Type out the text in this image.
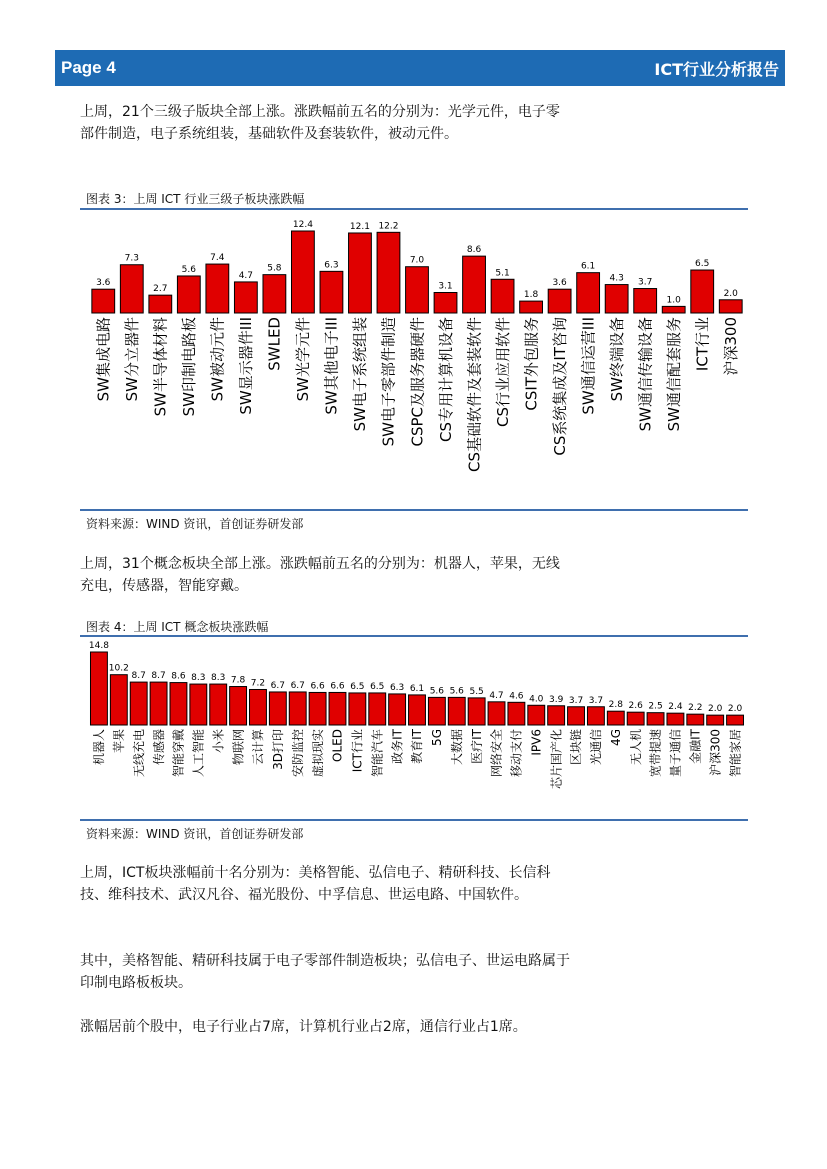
Page 4	ICT行业分析报告

上周，21个三级子版块全部上涨。涨跌幅前五名的分别为：光学元件，电子零部件制造，电子系统组装，基础软件及套装软件，被动元件。

图表 3：上周 ICT 行业三级子板块涨跌幅
3.6
SW集成电路
7.3
SW分立器件
2.7
SW半导体材料
5.6
SW印制电路板
7.4
SW被动元件
4.7
SW显示器件III
5.8
SWLED
12.4
SW光学元件
6.3
SW其他电子III
12.1
SW电子系统组装
12.2
SW电子零部件制造
7.0
CSPC及服务器硬件
3.1
CS专用计算机设备
8.6
CS基础软件及套装软件
5.1
CS行业应用软件
1.8
CSIT外包服务
3.6
CS系统集成及IT咨询
6.1
SW通信运营III
4.3
SW终端设备
3.7
SW通信传输设备
1.0
SW通信配套服务
6.5
ICT行业
2.0
沪深300
资料来源：WIND 资讯，首创证券研发部

上周，31个概念板块全部上涨。涨跌幅前五名的分别为：机器人，苹果，无线充电，传感器，智能穿戴。

图表 4：上周 ICT 概念板块涨跌幅
14.8
机器人
10.2
苹果
8.7
无线充电
8.7
传感器
8.6
智能穿戴
8.3
人工智能
8.3
小米
7.8
物联网
7.2
云计算
6.7
3D打印
6.7
安防监控
6.6
虚拟现实
6.6
OLED
6.5
ICT行业
6.5
智能汽车
6.3
政务IT
6.1
教育IT
5.6
5G
5.6
大数据
5.5
医疗IT
4.7
网络安全
4.6
移动支付
4.0
IPV6
3.9
芯片国产化
3.7
区块链
3.7
光通信
2.8
4G
2.6
无人机
2.5
宽带提速
2.4
量子通信
2.2
金融IT
2.0
沪深300
2.0
智能家居
资料来源：WIND 资讯，首创证券研发部

上周，ICT板块涨幅前十名分别为：美格智能、弘信电子、精研科技、长信科技、维科技术、武汉凡谷、福光股份、中孚信息、世运电路、中国软件。

其中，美格智能、精研科技属于电子零部件制造板块；弘信电子、世运电路属于印制电路板板块。

涨幅居前个股中，电子行业占7席，计算机行业占2席，通信行业占1席。
